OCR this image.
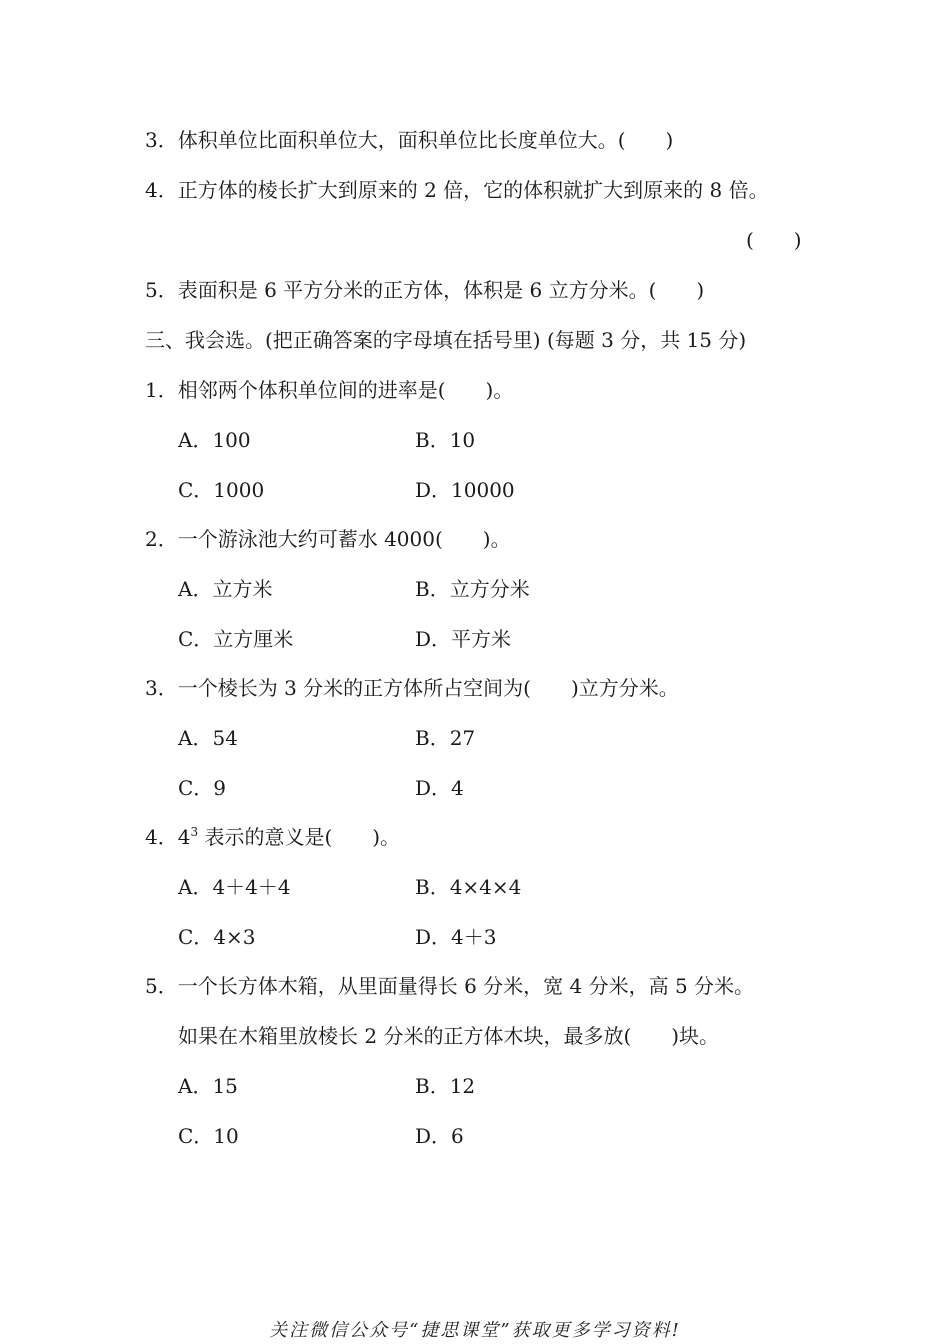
3．体积单位比面积单位大，面积单位比长度单位大。(　　)
4．正方体的棱长扩大到原来的 2 倍，它的体积就扩大到原来的 8 倍。
(　　)
5．表面积是 6 平方分米的正方体，体积是 6 立方分米。(　　)
三、我会选。(把正确答案的字母填在括号里) (每题 3 分，共 15 分)
1．相邻两个体积单位间的进率是(　　)。
A．100	B．10
C．1000	D．10000
2．一个游泳池大约可蓄水 4000(　　)。
A．立方米	B．立方分米
C．立方厘米	D．平方米
3．一个棱长为 3 分米的正方体所占空间为(　　)立方分米。
A．54	B．27
C．9	D．4
4．$4^3$ 表示的意义是(　　)。
A．4＋4＋4	B．4×4×4
C．4×3	D．4＋3
5．一个长方体木箱，从里面量得长 6 分米，宽 4 分米，高 5 分米。
如果在木箱里放棱长 2 分米的正方体木块，最多放(　　)块。
A．15	B．12
C．10	D．6
关注微信公众号“捷思课堂”获取更多学习资料!
